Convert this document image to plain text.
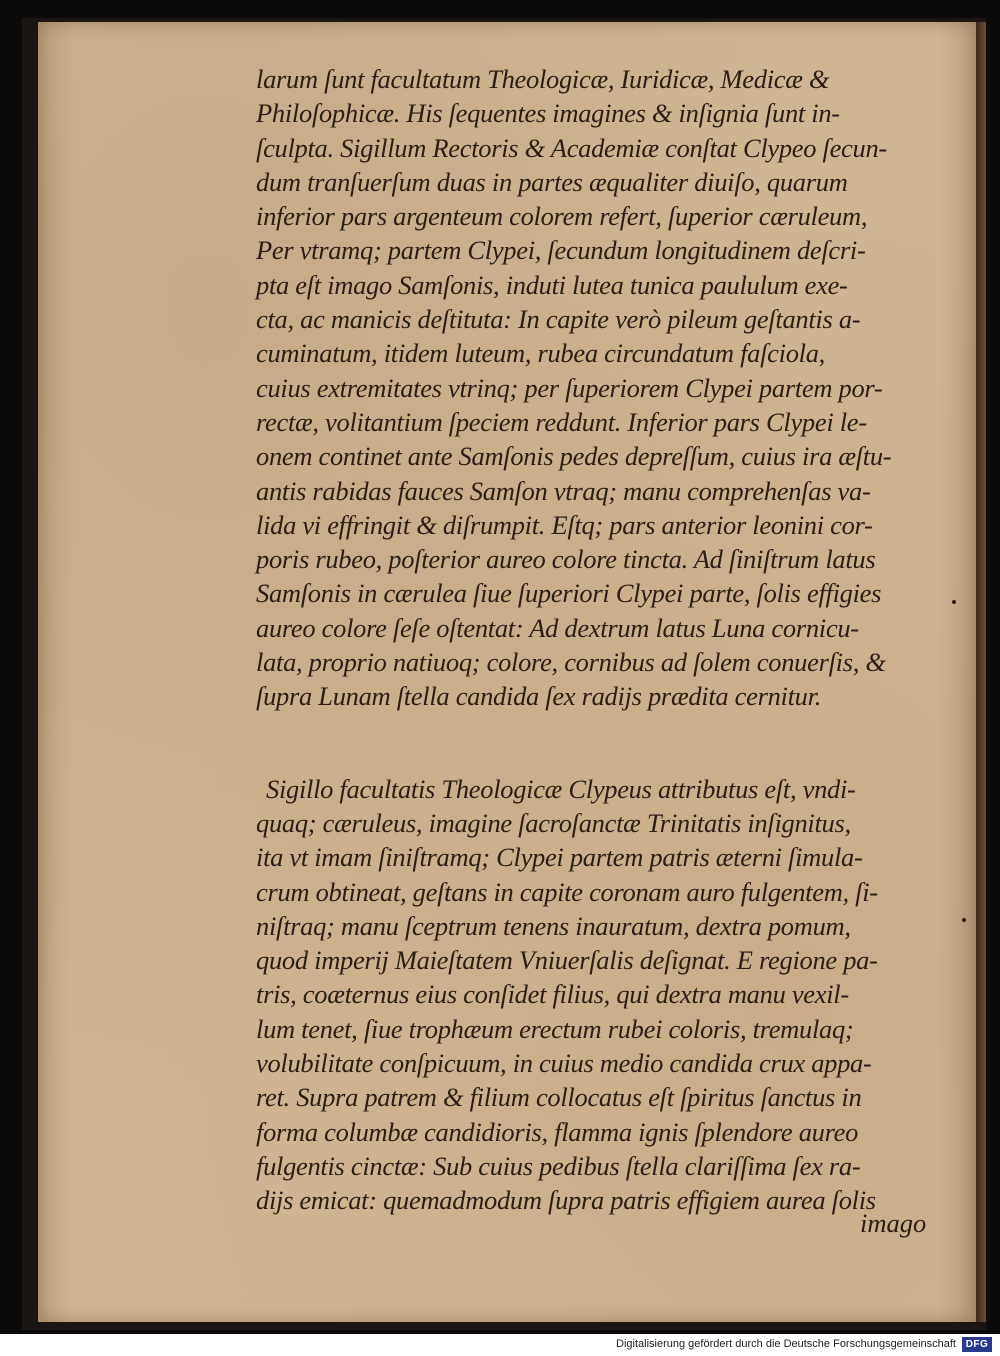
larum ſunt facultatum Theologicæ, Iuridicæ, Medicæ &
Philoſophicæ. His ſequentes imagines & inſignia ſunt in-
ſculpta. Sigillum Rectoris & Academiæ conſtat Clypeo ſecun-
dum tranſuerſum duas in partes æqualiter diuiſo, quarum
inferior pars argenteum colorem refert, ſuperior cæruleum,
Per vtramq; partem Clypei, ſecundum longitudinem deſcri-
pta eſt imago Samſonis, induti lutea tunica paululum exe-
cta, ac manicis deſtituta: In capite verò pileum geſtantis a-
cuminatum, itidem luteum, rubea circundatum faſciola,
cuius extremitates vtrinq; per ſuperiorem Clypei partem por-
rectæ, volitantium ſpeciem reddunt. Inferior pars Clypei le-
onem continet ante Samſonis pedes depreſſum, cuius ira æſtu-
antis rabidas fauces Samſon vtraq; manu comprehenſas va-
lida vi effringit & diſrumpit. Eſtq; pars anterior leonini cor-
poris rubeo, poſterior aureo colore tincta. Ad ſiniſtrum latus
Samſonis in cærulea ſiue ſuperiori Clypei parte, ſolis effigies
aureo colore ſeſe oſtentat: Ad dextrum latus Luna cornicu-
lata, proprio natiuoq; colore, cornibus ad ſolem conuerſis, &
ſupra Lunam ſtella candida ſex radijs prædita cernitur.
Sigillo facultatis Theologicæ Clypeus attributus eſt, vndi-
quaq; cæruleus, imagine ſacroſanctæ Trinitatis inſignitus,
ita vt imam ſiniſtramq; Clypei partem patris æterni ſimula-
crum obtineat, geſtans in capite coronam auro fulgentem, ſi-
niſtraq; manu ſceptrum tenens inauratum, dextra pomum,
quod imperij Maieſtatem Vniuerſalis deſignat. E regione pa-
tris, coæternus eius conſidet filius, qui dextra manu vexil-
lum tenet, ſiue trophæum erectum rubei coloris, tremulaq;
volubilitate conſpicuum, in cuius medio candida crux appa-
ret. Supra patrem & filium collocatus eſt ſpiritus ſanctus in
forma columbæ candidioris, flamma ignis ſplendore aureo
fulgentis cinctæ: Sub cuius pedibus ſtella clariſſima ſex ra-
dijs emicat: quemadmodum ſupra patris effigiem aurea ſolis
imago
Digitalisierung gefördert durch die Deutsche Forschungsgemeinschaft DFG
